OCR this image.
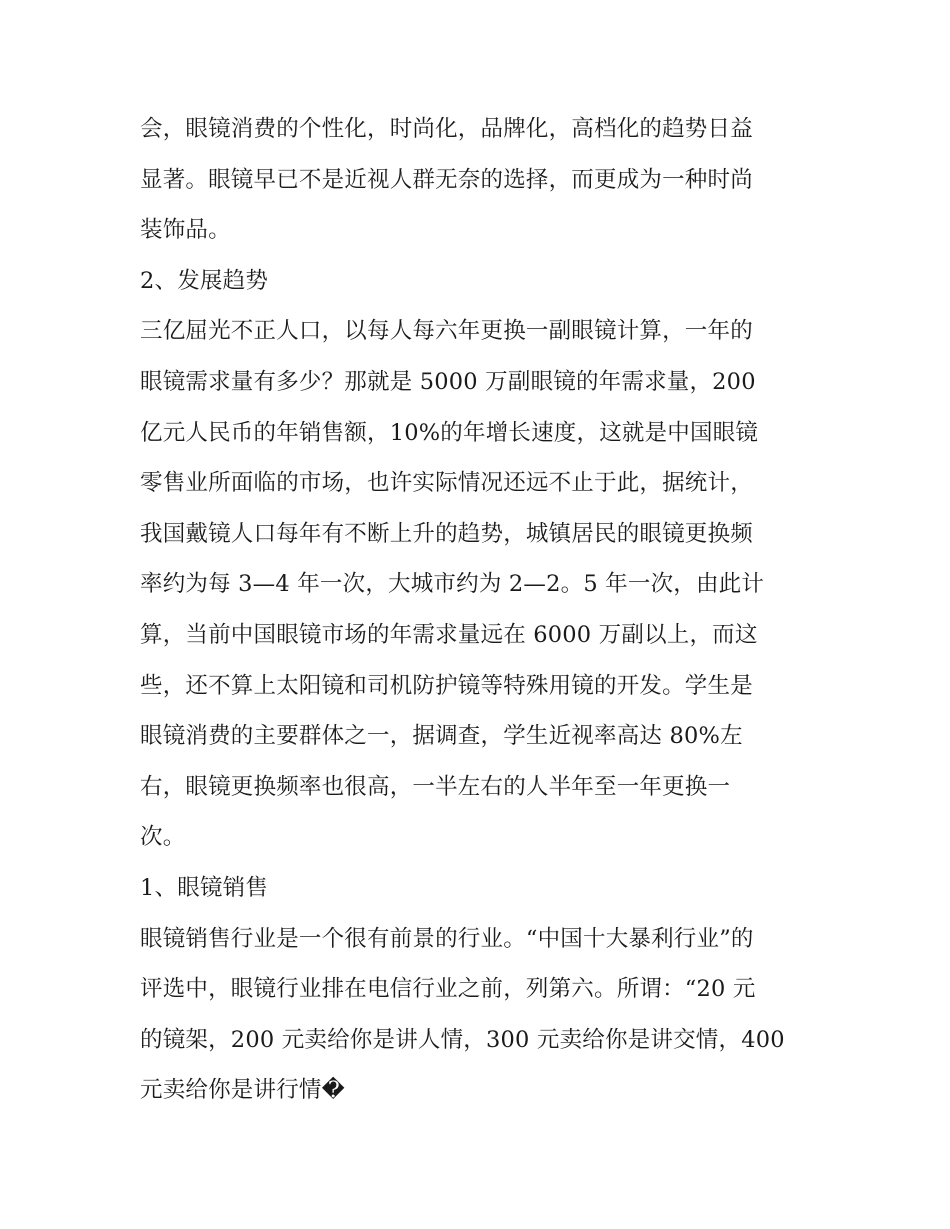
会，眼镜消费的个性化，时尚化，品牌化，高档化的趋势日益
显著。眼镜早已不是近视人群无奈的选择，而更成为一种时尚
装饰品。
2、发展趋势
三亿屈光不正人口，以每人每六年更换一副眼镜计算，一年的
眼镜需求量有多少？那就是 5000 万副眼镜的年需求量，200
亿元人民币的年销售额，10%的年增长速度，这就是中国眼镜
零售业所面临的市场，也许实际情况还远不止于此，据统计，
我国戴镜人口每年有不断上升的趋势，城镇居民的眼镜更换频
率约为每 3—4 年一次，大城市约为 2—2。5 年一次，由此计
算，当前中国眼镜市场的年需求量远在 6000 万副以上，而这
些，还不算上太阳镜和司机防护镜等特殊用镜的开发。学生是
眼镜消费的主要群体之一，据调查，学生近视率高达 80%左
右，眼镜更换频率也很高，一半左右的人半年至一年更换一
次。
1、眼镜销售
眼镜销售行业是一个很有前景的行业。“中国十大暴利行业”的
评选中，眼镜行业排在电信行业之前，列第六。所谓：“20 元
的镜架，200 元卖给你是讲人情，300 元卖给你是讲交情，400
元卖给你是讲行情�
